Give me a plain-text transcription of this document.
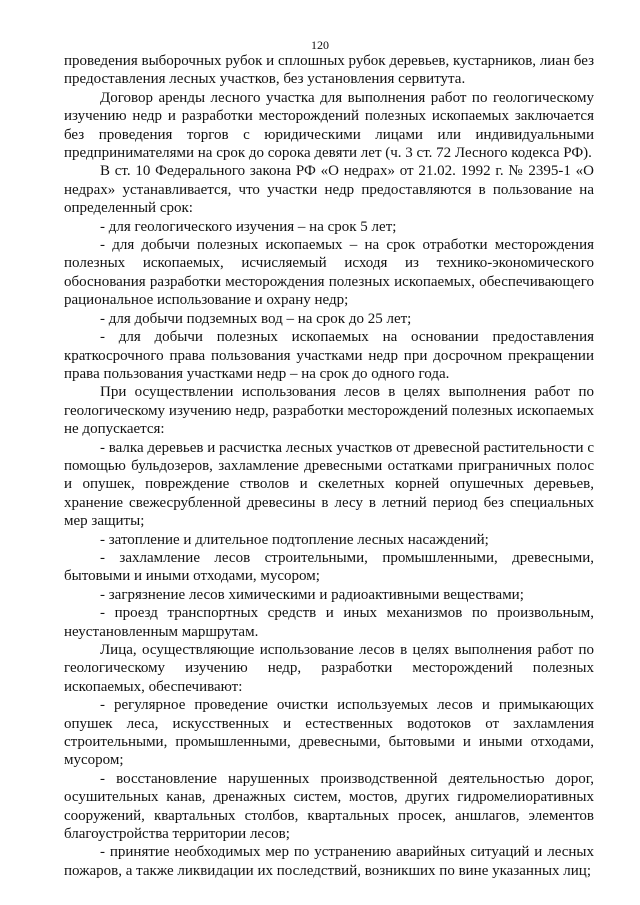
120

проведения выборочных рубок и сплошных рубок деревьев, кустарников, лиан без предоставления лесных участков, без установления сервитута.

Договор аренды лесного участка для выполнения работ по геологическому изучению недр и разработки месторождений полезных ископаемых заключается без проведения торгов с юридическими лицами или индивидуальными предпринимателями на срок до сорока девяти лет (ч. 3 ст. 72 Лесного кодекса РФ).

В ст. 10 Федерального закона РФ «О недрах» от 21.02. 1992 г. № 2395-1 «О недрах» устанавливается, что участки недр предоставляются в пользование на определенный срок:

- для геологического изучения – на срок 5 лет;

- для добычи полезных ископаемых – на срок отработки месторождения полезных ископаемых, исчисляемый исходя из технико-экономического обоснования разработки месторождения полезных ископаемых, обеспечивающего рациональное использование и охрану недр;

- для добычи подземных вод – на срок до 25 лет;

- для добычи полезных ископаемых на основании предоставления краткосрочного права пользования участками недр при досрочном прекращении права пользования участками недр – на срок до одного года.

При осуществлении использования лесов в целях выполнения работ по геологическому изучению недр, разработки месторождений полезных ископаемых не допускается:

- валка деревьев и расчистка лесных участков от древесной растительности с помощью бульдозеров, захламление древесными остатками приграничных полос и опушек, повреждение стволов и скелетных корней опушечных деревьев, хранение свежесрубленной древесины в лесу в летний период без специальных мер защиты;

- затопление и длительное подтопление лесных насаждений;

- захламление лесов строительными, промышленными, древесными, бытовыми и иными отходами, мусором;

- загрязнение лесов химическими и радиоактивными веществами;

- проезд транспортных средств и иных механизмов по произвольным, неустановленным маршрутам.

Лица, осуществляющие использование лесов в целях выполнения работ по геологическому изучению недр, разработки месторождений полезных ископаемых, обеспечивают:

- регулярное проведение очистки используемых лесов и примыкающих опушек леса, искусственных и естественных водотоков от захламления строительными, промышленными, древесными, бытовыми и иными отходами, мусором;

- восстановление нарушенных производственной деятельностью дорог, осушительных канав, дренажных систем, мостов, других гидромелиоративных сооружений, квартальных столбов, квартальных просек, аншлагов, элементов благоустройства территории лесов;

- принятие необходимых мер по устранению аварийных ситуаций и лесных пожаров, а также ликвидации их последствий, возникших по вине указанных лиц;
